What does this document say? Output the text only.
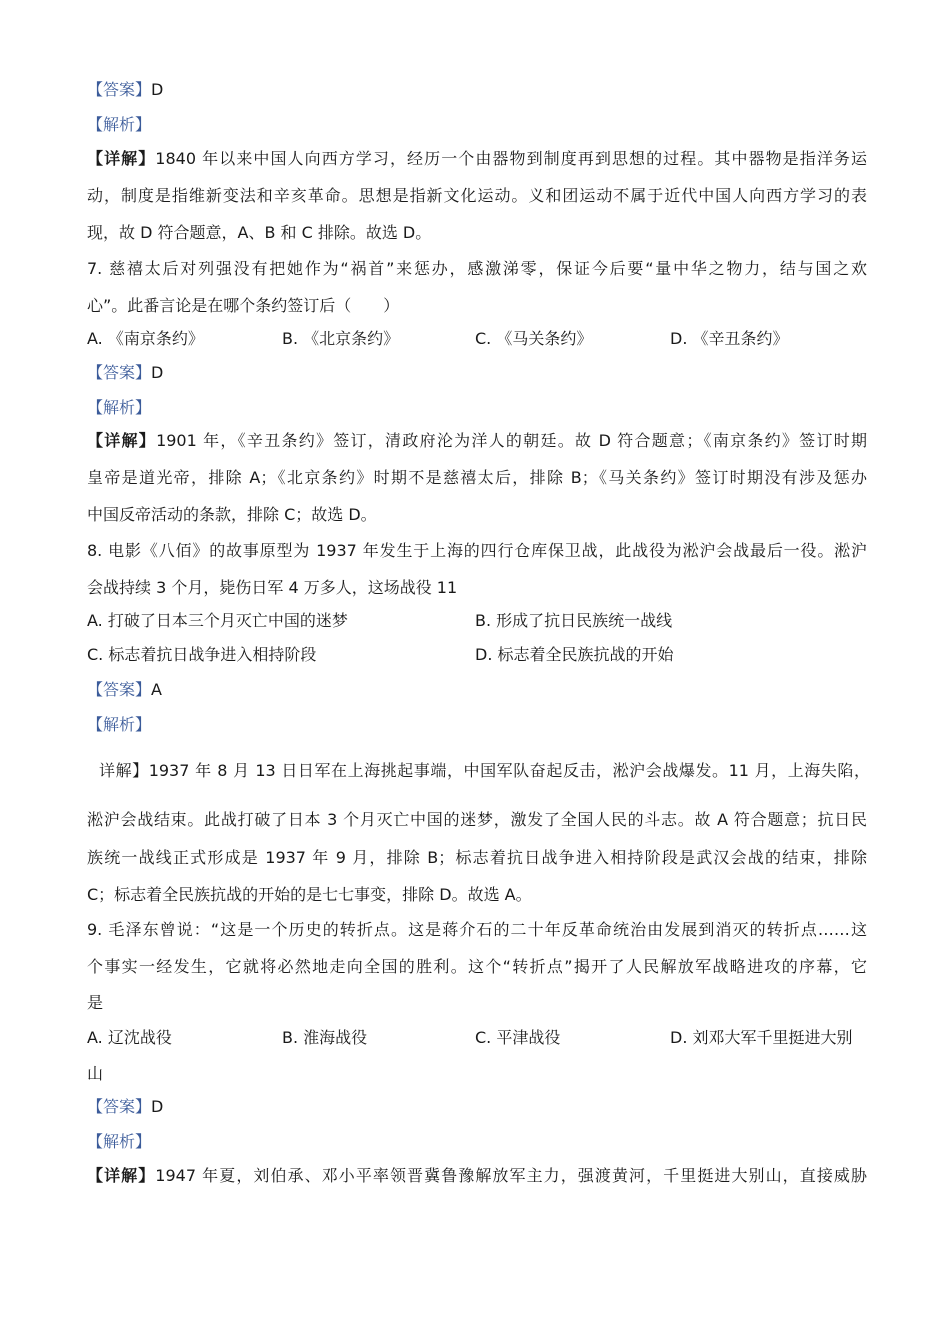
【答案】D
【解析】
【详解】1840 年以来中国人向西方学习，经历一个由器物到制度再到思想的过程。其中器物是指洋务运
动，制度是指维新变法和辛亥革命。思想是指新文化运动。义和团运动不属于近代中国人向西方学习的表
现，故 D 符合题意，A、B 和 C 排除。故选 D。
7. 慈禧太后对列强没有把她作为“祸首”来惩办，感激涕零，保证今后要“量中华之物力，结与国之欢
心”。此番言论是在哪个条约签订后（　　）
A. 《南京条约》	B. 《北京条约》	C. 《马关条约》	D. 《辛丑条约》
【答案】D
【解析】
【详解】1901 年，《辛丑条约》签订，清政府沦为洋人的朝廷。故 D 符合题意；《南京条约》签订时期
皇帝是道光帝，排除 A；《北京条约》时期不是慈禧太后，排除 B；《马关条约》签订时期没有涉及惩办
中国反帝活动的条款，排除 C；故选 D。
8. 电影《八佰》的故事原型为 1937 年发生于上海的四行仓库保卫战，此战役为淞沪会战最后一役。淞沪
会战持续 3 个月，毙伤日军 4 万多人，这场战役 11
A. 打破了日本三个月灭亡中国的迷梦	B. 形成了抗日民族统一战线
C. 标志着抗日战争进入相持阶段	D. 标志着全民族抗战的开始
【答案】A
【解析】
详解】1937 年 8 月 13 日日军在上海挑起事端，中国军队奋起反击，淞沪会战爆发。11 月，上海失陷，
淞沪会战结束。此战打破了日本 3 个月灭亡中国的迷梦，激发了全国人民的斗志。故 A 符合题意；抗日民
族统一战线正式形成是 1937 年 9 月，排除 B；标志着抗日战争进入相持阶段是武汉会战的结束，排除
C；标志着全民族抗战的开始的是七七事变，排除 D。故选 A。
9. 毛泽东曾说：“这是一个历史的转折点。这是蒋介石的二十年反革命统治由发展到消灭的转折点……这
个事实一经发生，它就将必然地走向全国的胜利。这个“转折点”揭开了人民解放军战略进攻的序幕，它
是
A. 辽沈战役	B. 淮海战役	C. 平津战役	D. 刘邓大军千里挺进大别
山
【答案】D
【解析】
【详解】1947 年夏，刘伯承、邓小平率领晋冀鲁豫解放军主力，强渡黄河，千里挺进大别山，直接威胁
